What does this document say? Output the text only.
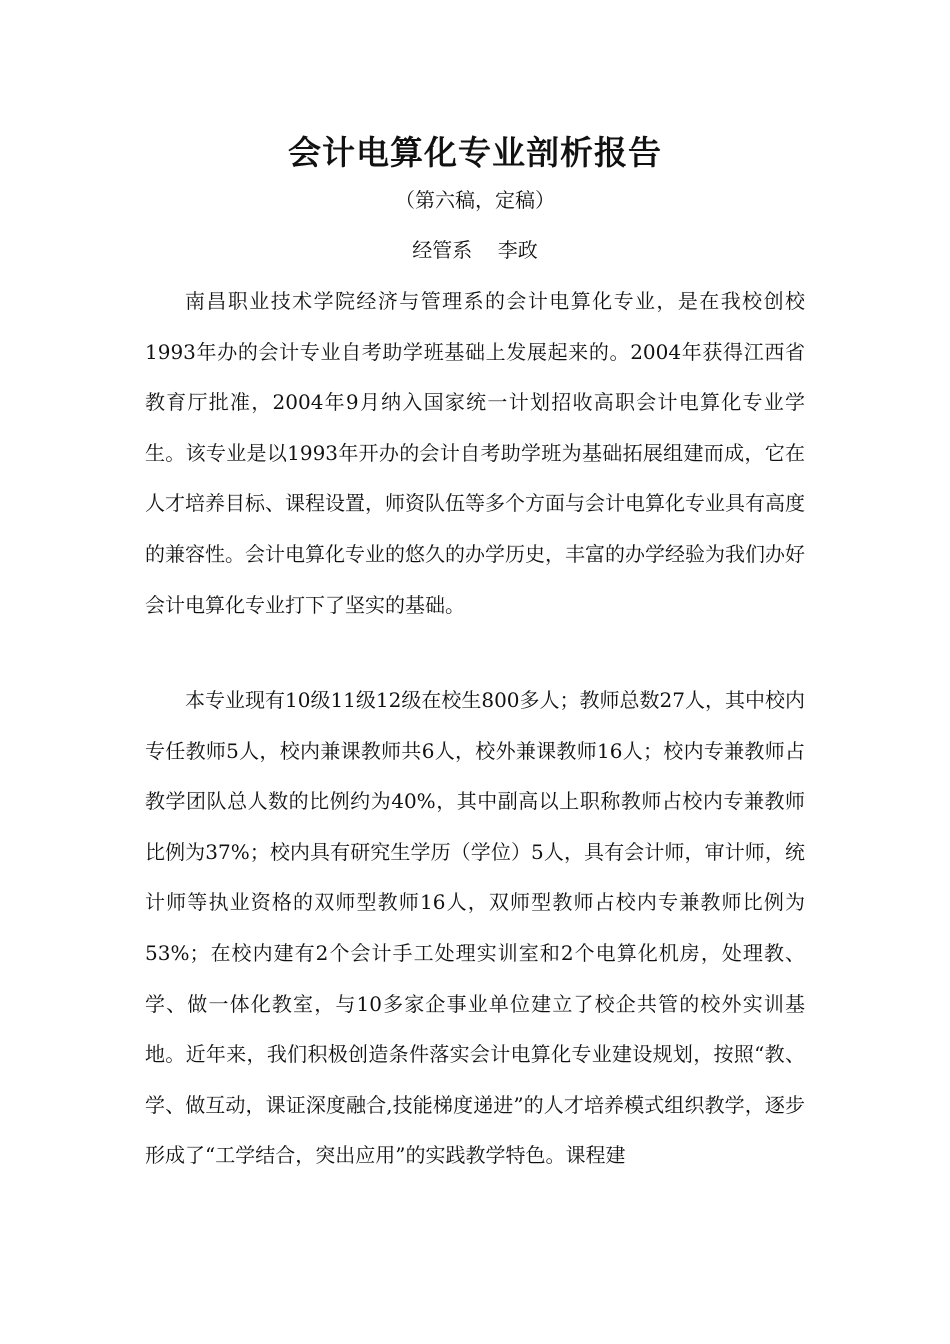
会计电算化专业剖析报告
（第六稿，定稿）
经管系    李政

南昌职业技术学院经济与管理系的会计电算化专业，是在我校创校1993年办的会计专业自考助学班基础上发展起来的。2004年获得江西省教育厅批准，2004年9月纳入国家统一计划招收高职会计电算化专业学生。该专业是以1993年开办的会计自考助学班为基础拓展组建而成，它在人才培养目标、课程设置，师资队伍等多个方面与会计电算化专业具有高度的兼容性。会计电算化专业的悠久的办学历史，丰富的办学经验为我们办好会计电算化专业打下了坚实的基础。

本专业现有10级11级12级在校生800多人；教师总数27人，其中校内专任教师5人，校内兼课教师共6人，校外兼课教师16人；校内专兼教师占教学团队总人数的比例约为40%，其中副高以上职称教师占校内专兼教师比例为37%；校内具有研究生学历（学位）5人，具有会计师，审计师，统计师等执业资格的双师型教师16人，双师型教师占校内专兼教师比例为53%；在校内建有2个会计手工处理实训室和2个电算化机房，处理教、学、做一体化教室，与10多家企事业单位建立了校企共管的校外实训基地。近年来，我们积极创造条件落实会计电算化专业建设规划，按照“教、学、做互动，课证深度融合,技能梯度递进”的人才培养模式组织教学，逐步形成了“工学结合，突出应用”的实践教学特色。课程建
